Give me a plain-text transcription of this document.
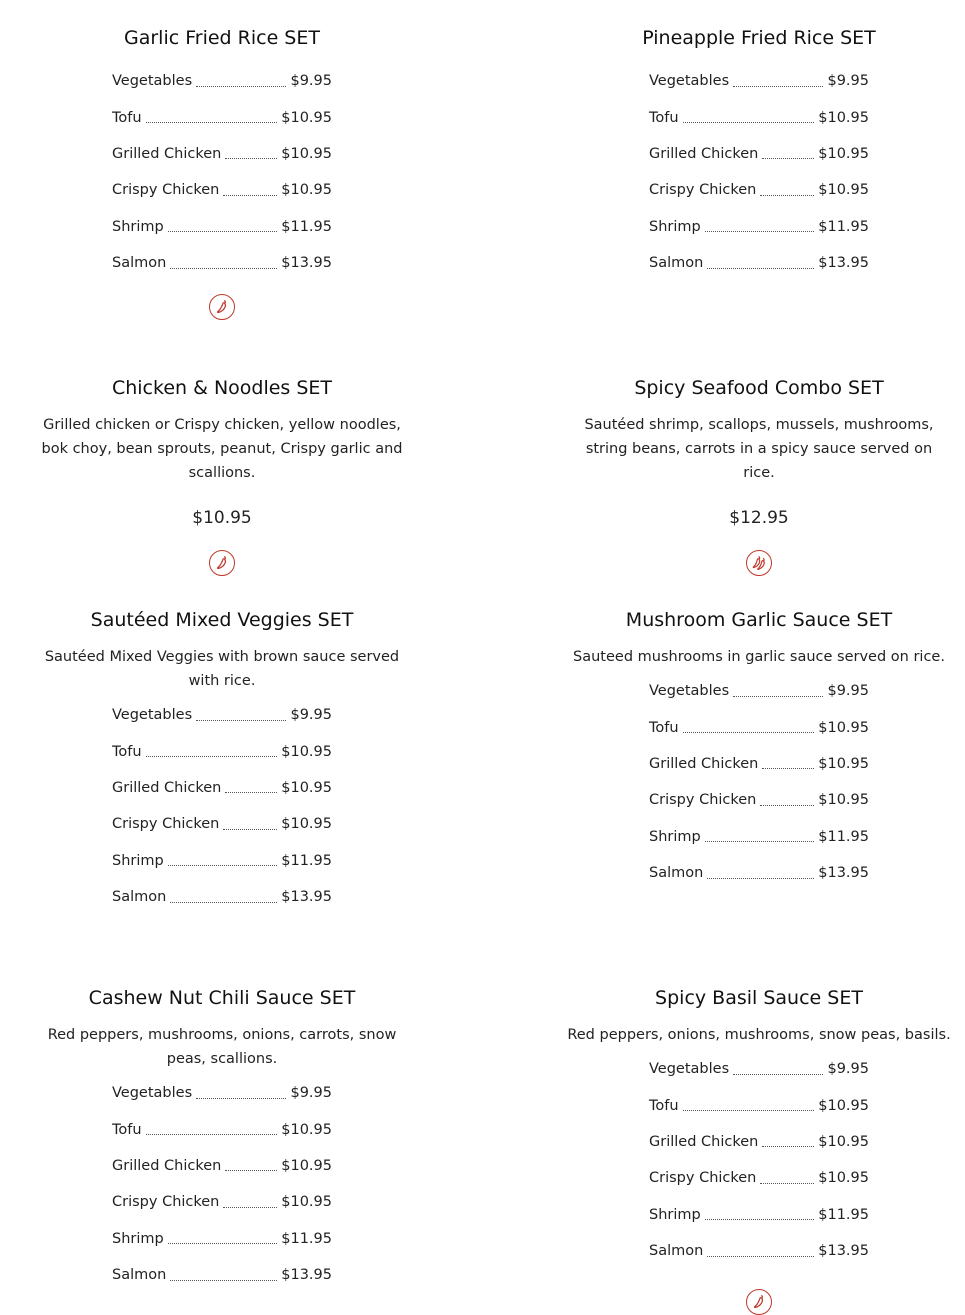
Garlic Fried Rice SET
Vegetables	$9.95
Tofu	$10.95
Grilled Chicken	$10.95
Crispy Chicken	$10.95
Shrimp	$11.95
Salmon	$13.95
Pineapple Fried Rice SET
Vegetables	$9.95
Tofu	$10.95
Grilled Chicken	$10.95
Crispy Chicken	$10.95
Shrimp	$11.95
Salmon	$13.95
Chicken & Noodles SET
Grilled chicken or Crispy chicken, yellow noodles, bok choy, bean sprouts, peanut, Crispy garlic and scallions.
$10.95
Spicy Seafood Combo SET
Sautéed shrimp, scallops, mussels, mushrooms, string beans, carrots in a spicy sauce served on rice.
$12.95
Sautéed Mixed Veggies SET
Sautéed Mixed Veggies with brown sauce served with rice.
Vegetables	$9.95
Tofu	$10.95
Grilled Chicken	$10.95
Crispy Chicken	$10.95
Shrimp	$11.95
Salmon	$13.95
Mushroom Garlic Sauce SET
Sauteed mushrooms in garlic sauce served on rice.
Vegetables	$9.95
Tofu	$10.95
Grilled Chicken	$10.95
Crispy Chicken	$10.95
Shrimp	$11.95
Salmon	$13.95
Cashew Nut Chili Sauce SET
Red peppers, mushrooms, onions, carrots, snow peas, scallions.
Vegetables	$9.95
Tofu	$10.95
Grilled Chicken	$10.95
Crispy Chicken	$10.95
Shrimp	$11.95
Salmon	$13.95
Spicy Basil Sauce SET
Red peppers, onions, mushrooms, snow peas, basils.
Vegetables	$9.95
Tofu	$10.95
Grilled Chicken	$10.95
Crispy Chicken	$10.95
Shrimp	$11.95
Salmon	$13.95
